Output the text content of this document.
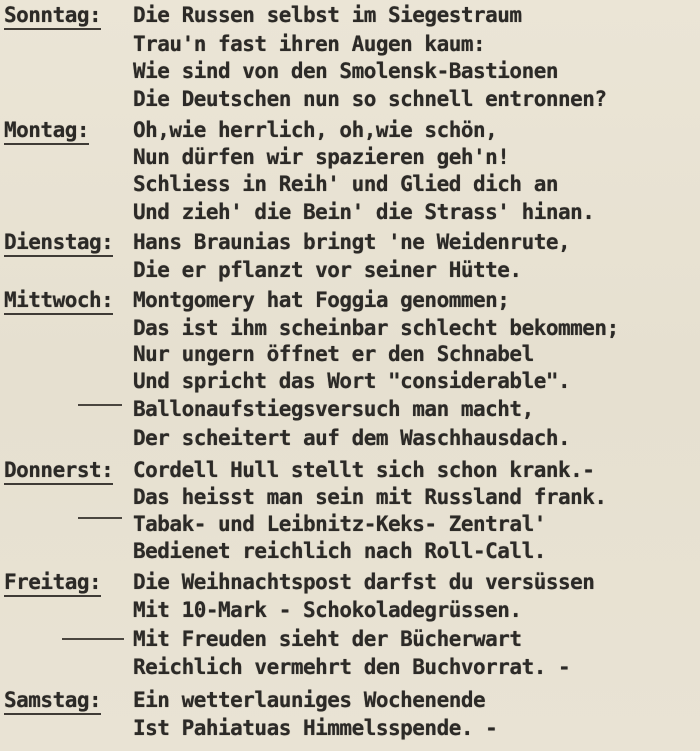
Sonntag: Die Russen selbst im Siegestraum
Trau'n fast ihren Augen kaum:
Wie sind von den Smolensk-Bastionen
Die Deutschen nun so schnell entronnen?
Montag: Oh,wie herrlich, oh,wie schön,
Nun dürfen wir spazieren geh'n!
Schliess in Reih' und Glied dich an
Und zieh' die Bein' die Strass' hinan.
Dienstag: Hans Braunias bringt 'ne Weidenrute,
Die er pflanzt vor seiner Hütte.
Mittwoch: Montgomery hat Foggia genommen;
Das ist ihm scheinbar schlecht bekommen;
Nur ungern öffnet er den Schnabel
Und spricht das Wort "considerable".
Ballonaufstiegsversuch man macht,
Der scheitert auf dem Waschhausdach.
Donnerst: Cordell Hull stellt sich schon krank.-
Das heisst man sein mit Russland frank.
Tabak- und Leibnitz-Keks- Zentral'
Bedienet reichlich nach Roll-Call.
Freitag: Die Weihnachtspost darfst du versüssen
Mit 10-Mark - Schokoladegrüssen.
Mit Freuden sieht der Bücherwart
Reichlich vermehrt den Buchvorrat. -
Samstag: Ein wetterlauniges Wochenende
Ist Pahiatuas Himmelsspende. -
